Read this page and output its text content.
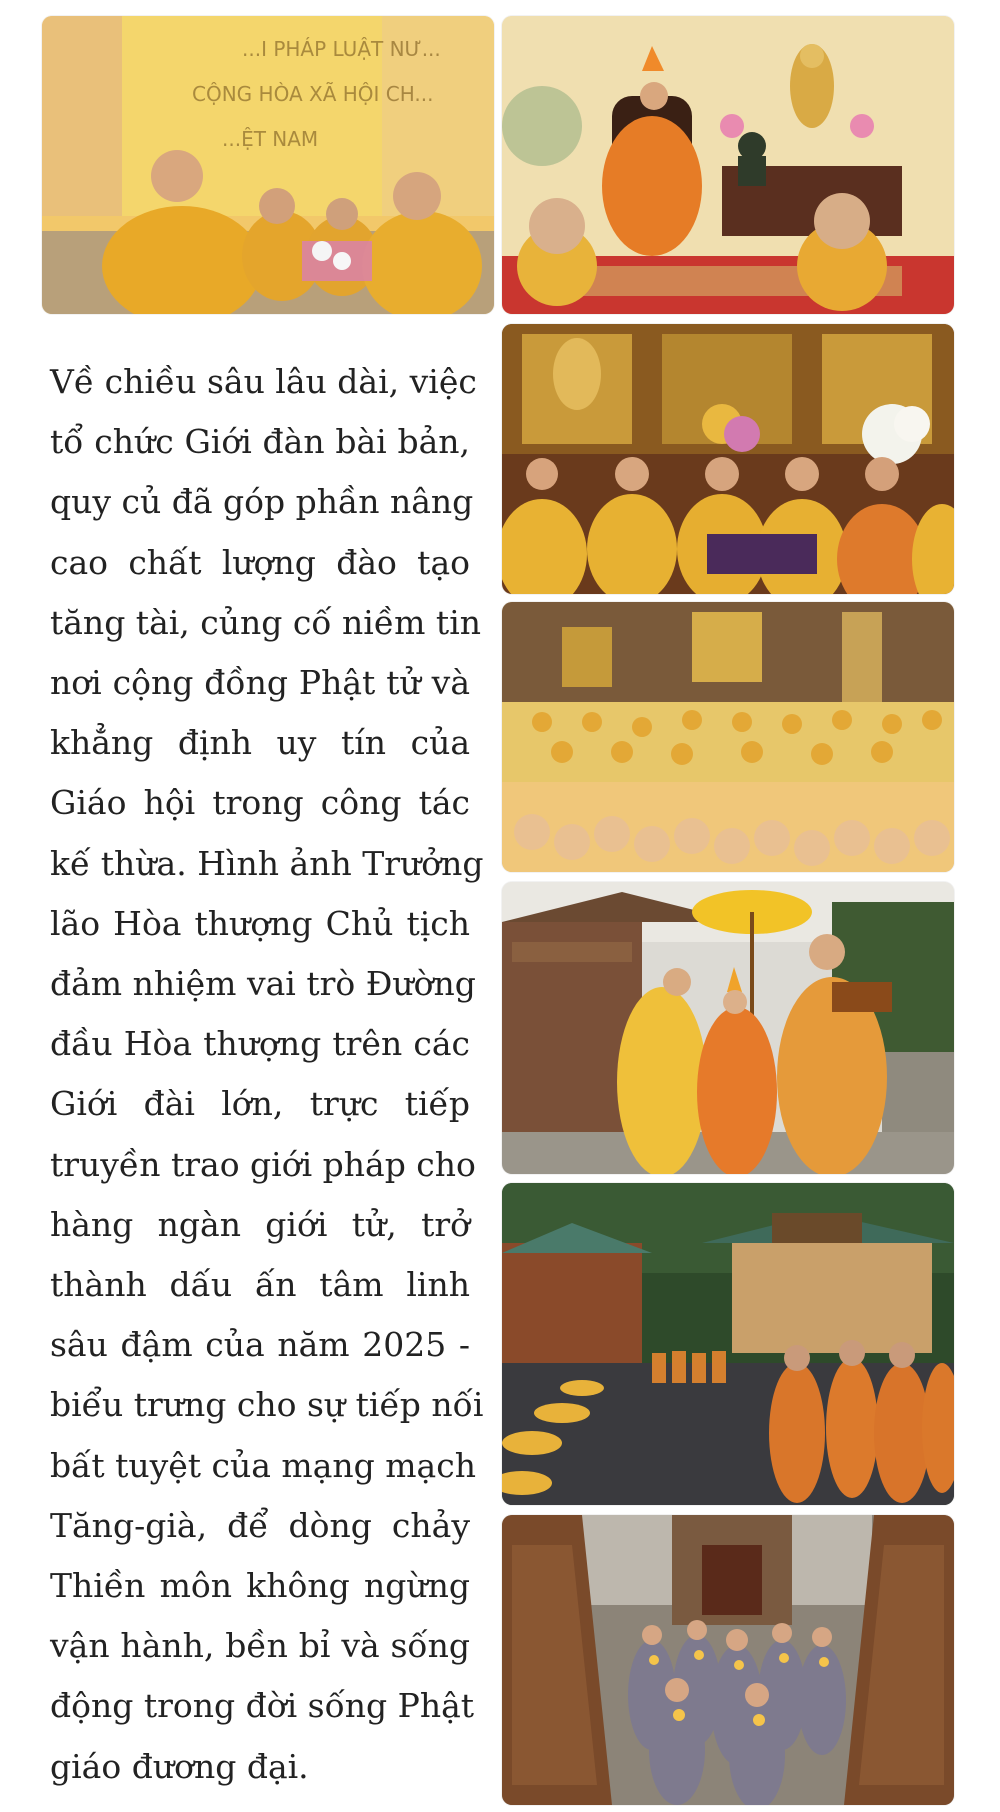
...I PHÁP LUẬT NƯ...
CỘNG HÒA XÃ HỘI CH...
...ỆT NAM
Về chiều sâu lâu dài, việc
tổ chức Giới đàn bài bản,
quy củ đã góp phần nâng
cao chất lượng đào tạo
tăng tài, củng cố niềm tin
nơi cộng đồng Phật tử và
khẳng định uy tín của
Giáo hội trong công tác
kế thừa. Hình ảnh Trưởng
lão Hòa thượng Chủ tịch
đảm nhiệm vai trò Đường
đầu Hòa thượng trên các
Giới đài lớn, trực tiếp
truyền trao giới pháp cho
hàng ngàn giới tử, trở
thành dấu ấn tâm linh
sâu đậm của năm 2025 -
biểu trưng cho sự tiếp nối
bất tuyệt của mạng mạch
Tăng-già, để dòng chảy
Thiền môn không ngừng
vận hành, bền bỉ và sống
động trong đời sống Phật
giáo đương đại.
